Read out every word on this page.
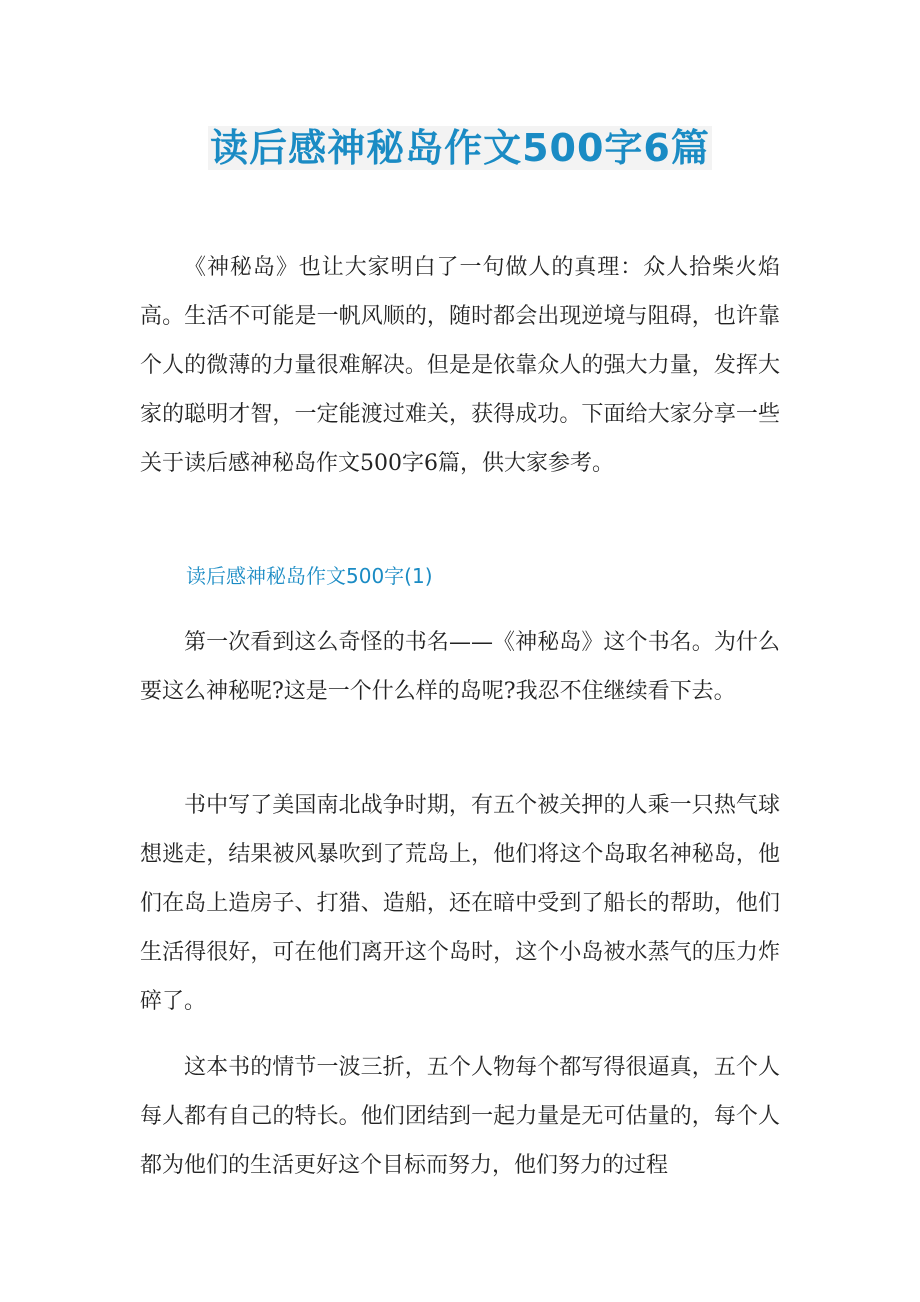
读后感神秘岛作文500字6篇

《神秘岛》也让大家明白了一句做人的真理：众人拾柴火焰高。生活不可能是一帆风顺的，随时都会出现逆境与阻碍，也许靠个人的微薄的力量很难解决。但是是依靠众人的强大力量，发挥大家的聪明才智，一定能渡过难关，获得成功。下面给大家分享一些关于读后感神秘岛作文500字6篇，供大家参考。

读后感神秘岛作文500字(1)

第一次看到这么奇怪的书名——《神秘岛》这个书名。为什么要这么神秘呢?这是一个什么样的岛呢?我忍不住继续看下去。

书中写了美国南北战争时期，有五个被关押的人乘一只热气球想逃走，结果被风暴吹到了荒岛上，他们将这个岛取名神秘岛，他们在岛上造房子、打猎、造船，还在暗中受到了船长的帮助，他们生活得很好，可在他们离开这个岛时，这个小岛被水蒸气的压力炸碎了。

这本书的情节一波三折，五个人物每个都写得很逼真，五个人每人都有自己的特长。他们团结到一起力量是无可估量的，每个人都为他们的生活更好这个目标而努力，他们努力的过程
